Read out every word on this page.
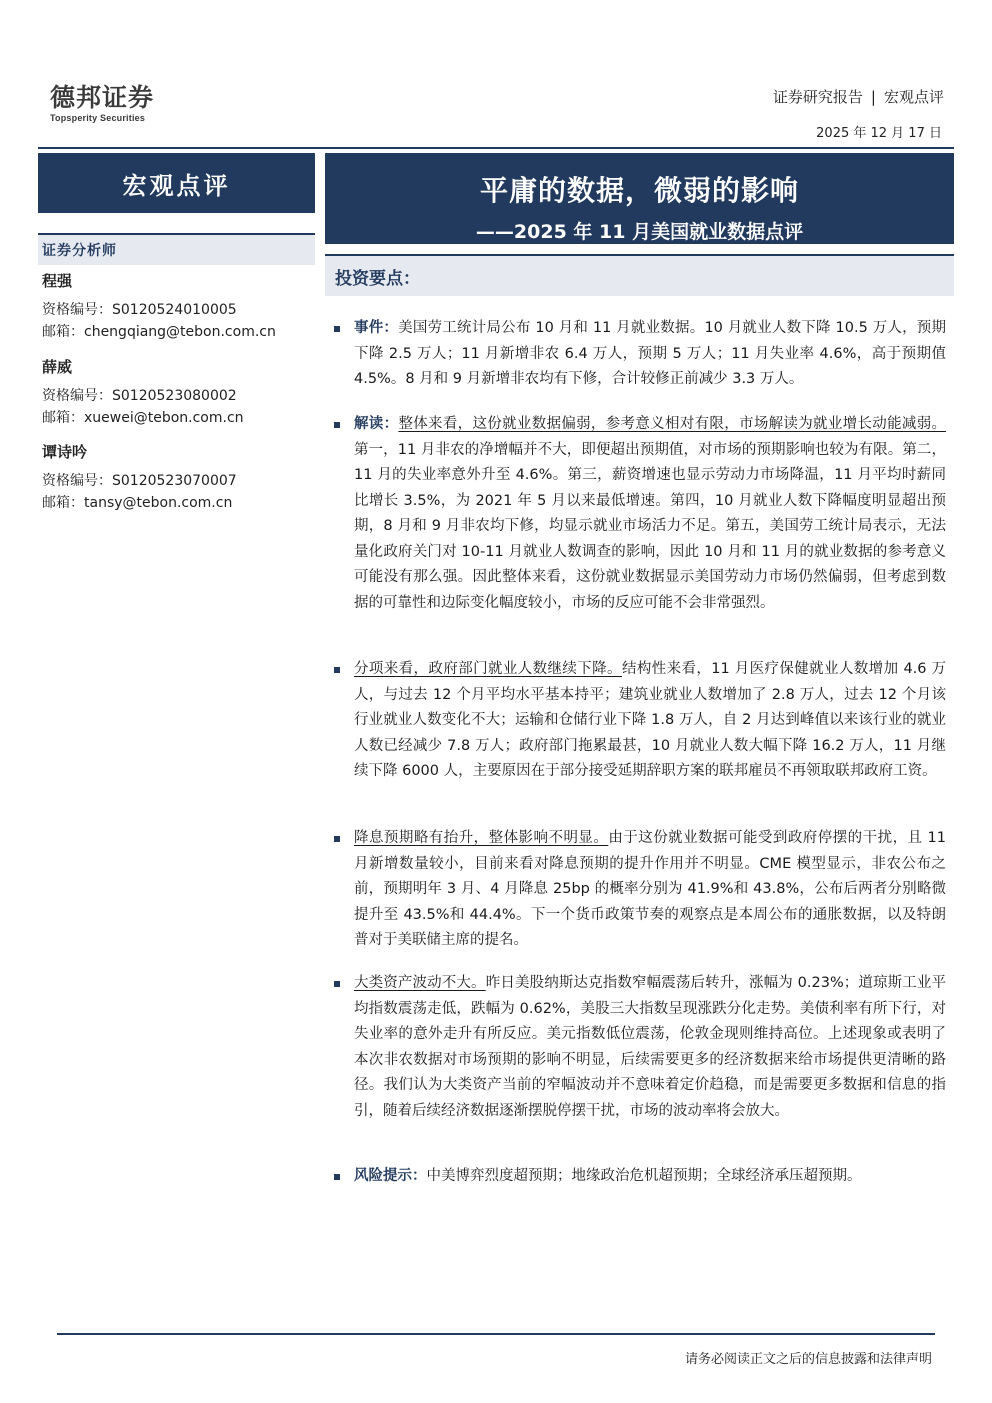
德邦证券
Topsperity Securities
证券研究报告 | 宏观点评
2025 年 12 月 17 日
宏观点评
证券分析师
程强
资格编号：S0120524010005
邮箱：chengqiang@tebon.com.cn
薛威
资格编号：S0120523080002
邮箱：xuewei@tebon.com.cn
谭诗吟
资格编号：S0120523070007
邮箱：tansy@tebon.com.cn
平庸的数据，微弱的影响
——2025 年 11 月美国就业数据点评
投资要点：
事件：美国劳工统计局公布 10 月和 11 月就业数据。10 月就业人数下降 10.5 万人，预期下降 2.5 万人；11 月新增非农 6.4 万人，预期 5 万人；11 月失业率 4.6%，高于预期值 4.5%。8 月和 9 月新增非农均有下修，合计较修正前减少 3.3 万人。
解读：整体来看，这份就业数据偏弱，参考意义相对有限，市场解读为就业增长动能减弱。第一，11 月非农的净增幅并不大，即便超出预期值，对市场的预期影响也较为有限。第二，11 月的失业率意外升至 4.6%。第三，薪资增速也显示劳动力市场降温，11 月平均时薪同比增长 3.5%，为 2021 年 5 月以来最低增速。第四，10 月就业人数下降幅度明显超出预期，8 月和 9 月非农均下修，均显示就业市场活力不足。第五，美国劳工统计局表示，无法量化政府关门对 10-11 月就业人数调查的影响，因此 10 月和 11 月的就业数据的参考意义可能没有那么强。因此整体来看，这份就业数据显示美国劳动力市场仍然偏弱，但考虑到数据的可靠性和边际变化幅度较小，市场的反应可能不会非常强烈。
分项来看，政府部门就业人数继续下降。结构性来看，11 月医疗保健就业人数增加 4.6 万人，与过去 12 个月平均水平基本持平；建筑业就业人数增加了 2.8 万人，过去 12 个月该行业就业人数变化不大；运输和仓储行业下降 1.8 万人，自 2 月达到峰值以来该行业的就业人数已经减少 7.8 万人；政府部门拖累最甚，10 月就业人数大幅下降 16.2 万人，11 月继续下降 6000 人，主要原因在于部分接受延期辞职方案的联邦雇员不再领取联邦政府工资。
降息预期略有抬升，整体影响不明显。由于这份就业数据可能受到政府停摆的干扰，且 11 月新增数量较小，目前来看对降息预期的提升作用并不明显。CME 模型显示，非农公布之前，预期明年 3 月、4 月降息 25bp 的概率分别为 41.9%和 43.8%，公布后两者分别略微提升至 43.5%和 44.4%。下一个货币政策节奏的观察点是本周公布的通胀数据，以及特朗普对于美联储主席的提名。
大类资产波动不大。昨日美股纳斯达克指数窄幅震荡后转升，涨幅为 0.23%；道琼斯工业平均指数震荡走低，跌幅为 0.62%，美股三大指数呈现涨跌分化走势。美债利率有所下行，对失业率的意外走升有所反应。美元指数低位震荡，伦敦金现则维持高位。上述现象或表明了本次非农数据对市场预期的影响不明显，后续需要更多的经济数据来给市场提供更清晰的路径。我们认为大类资产当前的窄幅波动并不意味着定价趋稳，而是需要更多数据和信息的指引，随着后续经济数据逐渐摆脱停摆干扰，市场的波动率将会放大。
风险提示：中美博弈烈度超预期；地缘政治危机超预期；全球经济承压超预期。
请务必阅读正文之后的信息披露和法律声明
